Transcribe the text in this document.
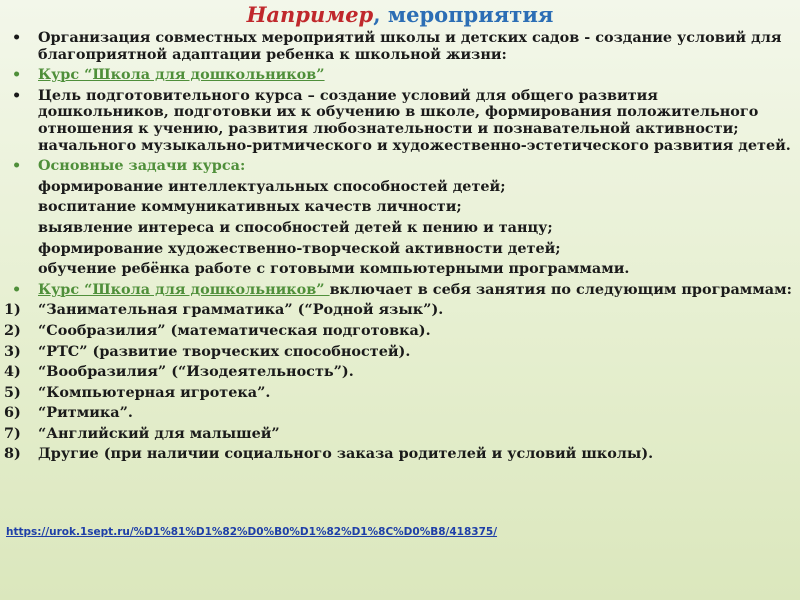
Например, мероприятия
•	Организация совместных мероприятий школы и детских садов - создание условий для благоприятной адаптации ребенка к школьной жизни:
•	Курс “Школа для дошкольников”
•	Цель подготовительного курса – создание условий для общего развития дошкольников, подготовки их к обучению в школе, формирования положительного отношения к учению, развития любознательности и познавательной активности; начального музыкально-ритмического и художественно-эстетического развития детей.
•	Основные задачи курса:
формирование интеллектуальных способностей детей;
воспитание коммуникативных качеств личности;
выявление интереса и способностей детей к пению и танцу;
формирование художественно-творческой активности детей;
обучение ребёнка работе с готовыми компьютерными программами.
•	Курс “Школа для дошкольников” включает в себя занятия по следующим программам:
1)	“Занимательная грамматика” (“Родной язык”).
2)	“Сообразилия” (математическая подготовка).
3)	“РТС” (развитие творческих способностей).
4)	“Вообразилия” (“Изодеятельность”).
5)	“Компьютерная игротека”.
6)	“Ритмика”.
7)	“Английский для малышей”
8)	Другие (при наличии социального заказа родителей и условий школы).
https://urok.1sept.ru/%D1%81%D1%82%D0%B0%D1%82%D1%8C%D0%B8/418375/
